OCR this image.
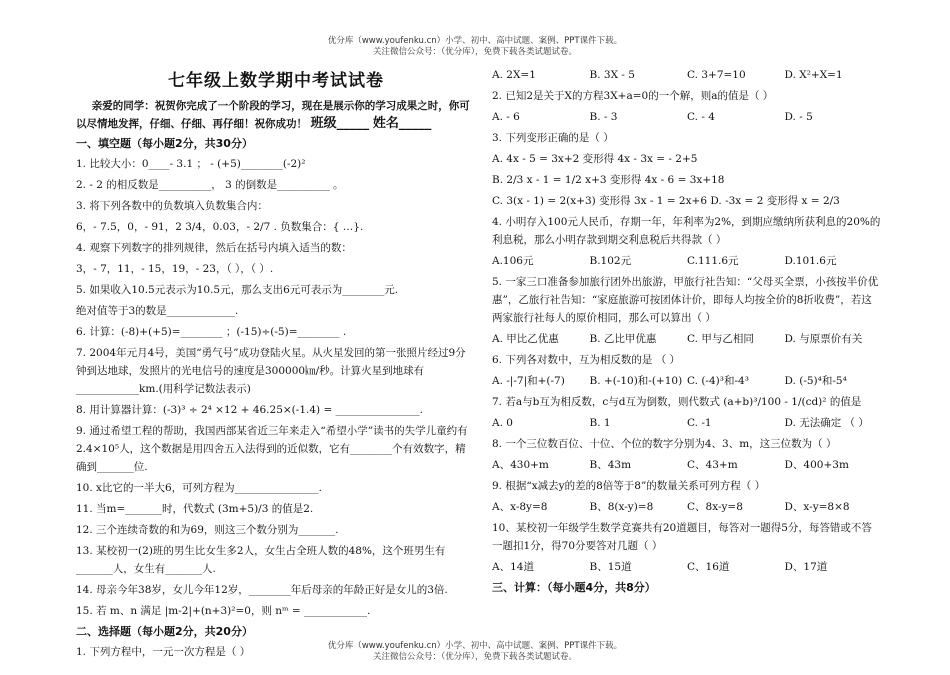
优分库（www.youfenku.cn）小学、初中、高中试题、案例、PPT课件下载。
关注微信公众号：（优分库），免费下载各类试题试卷。
七年级上数学期中考试试卷
亲爱的同学：祝贺你完成了一个阶段的学习，现在是展示你的学习成果之时，你可以尽情地发挥，仔细、仔细、再仔细！祝你成功！ 班级_____ 姓名_____
一、填空题（每小题2分，共30分）
1. 比较大小：0____- 3.1 ； - (+5)________(-2)²
2. - 2 的相反数是__________， 3 的倒数是__________ 。
3. 将下列各数中的负数填入负数集合内：
6，- 7.5，0，- 91，2 3/4，0.03，- 2/7 . 负数集合：{ …}.
4. 观察下列数字的排列规律，然后在括号内填入适当的数：
3，- 7，11，- 15，19，- 23，（ ），（ ）.
5. 如果收入10.5元表示为10.5元，那么支出6元可表示为________元.
绝对值等于3的数是_____________.
6. 计算：(-8)+(+5)=________ ；(-15)÷(-5)=________ .
7. 2004年元月4号，美国“勇气号”成功登陆火星。从火星发回的第一张照片经过9分钟到达地球，发照片的光电信号的速度是300000㎞/秒。计算火星到地球有____________km.(用科学记数法表示)
8. 用计算器计算：(-3)³ ÷ 2⁴ ×12 + 46.25×(-1.4) = ________________.
9. 通过希望工程的帮助，我国西部某省近三年来走入“希望小学”读书的失学儿童约有 2.4×10⁵人，这个数据是用四舍五入法得到的近似数，它有________个有效数字，精确到_______位.
10. x比它的一半大6，可列方程为________________.
11. 当m=_______时，代数式 (3m+5)/3 的值是2.
12. 三个连续奇数的和为69，则这三个数分别为_______.
13. 某校初一(2)班的男生比女生多2人，女生占全班人数的48%，这个班男生有_______人，女生有_______人.
14. 母亲今年38岁，女儿今年12岁，________年后母亲的年龄正好是女儿的3倍.
15. 若 m、n 满足 |m-2|+(n+3)²=0，则 nᵐ = ____________.
二、选择题（每小题2分，共20分）
1. 下列方程中，一元一次方程是（ ）
A. 2X=1	B. 3X - 5	C. 3+7=10	D. X²+X=1
2. 已知2是关于X的方程3X+a=0的一个解，则a的值是（ ）
A. - 6	B. - 3	C. - 4	D. - 5
3. 下列变形正确的是（ ）
A. 4x - 5 = 3x+2 变形得 4x - 3x = - 2+5
B. 2/3 x - 1 = 1/2 x+3 变形得 4x - 6 = 3x+18
C. 3(x - 1) = 2(x+3) 变形得 3x - 1 = 2x+6 D. -3x = 2 变形得 x = 2/3
4. 小明存入100元人民币，存期一年，年利率为2%，到期应缴纳所获利息的20%的利息税，那么小明存款到期交利息税后共得款（ ）
A.106元	B.102元	C.111.6元	D.101.6元
5. 一家三口准备参加旅行团外出旅游，甲旅行社告知：“父母买全票，小孩按半价优惠”，乙旅行社告知：“家庭旅游可按团体计价，即每人均按全价的8折收费”，若这两家旅行社每人的原价相同，那么可以算出（ ）
A. 甲比乙优惠	B. 乙比甲优惠	C. 甲与乙相同	D. 与原票价有关
6. 下列各对数中，互为相反数的是 （ ）
A. -|-7|和+(-7)	B. +(-10)和-(+10) C. (-4)³和-4³	D. (-5)⁴和-5⁴
7. 若a与b互为相反数，c与d互为倒数，则代数式 (a+b)³/100 - 1/(cd)² 的值是
A. 0	B. 1	C. -1	D. 无法确定 （ ）
8. 一个三位数百位、十位、个位的数字分别为4、3、m，这三位数为（ ）
A、430+m	B、43m	C、43+m	D、400+3m
9. 根据“x减去y的差的8倍等于8”的数量关系可列方程（ ）
A、x-8y=8	B、8(x-y)=8	C、8x-y=8	D、x-y=8×8
10、某校初一年级学生数学竞赛共有20道题目，每答对一题得5分，每答错或不答一题扣1分，得70分要答对几题（ ）
A、14道	B、15道	C、16道	D、17道
三、计算：（每小题4分，共8分）
优分库（www.youfenku.cn）小学、初中、高中试题、案例、PPT课件下载。
关注微信公众号：（优分库），免费下载各类试题试卷。
